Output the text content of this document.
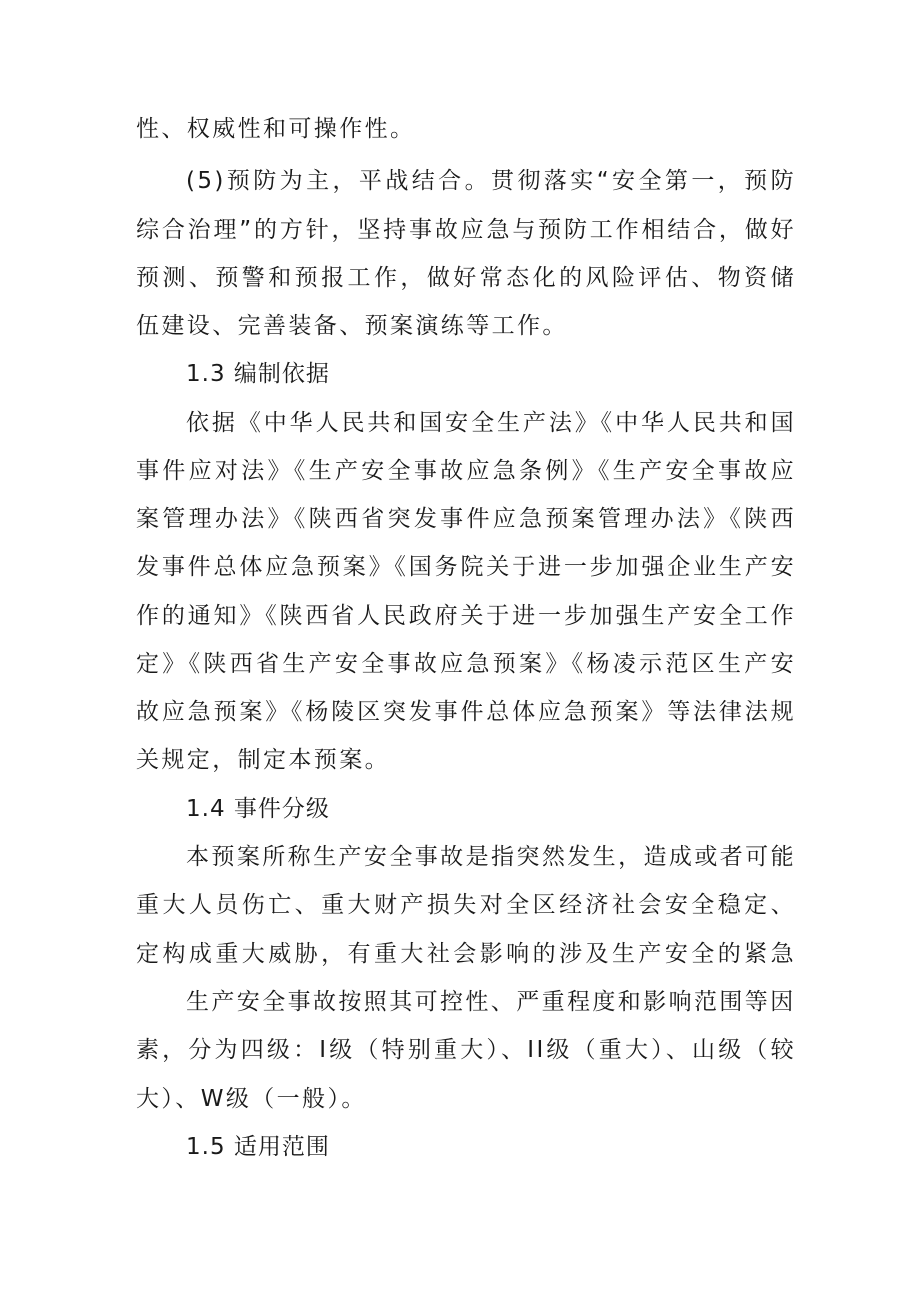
性、权威性和可操作性。
(5)预防为主，平战结合。贯彻落实“安全第一，预防
综合治理”的方针，坚持事故应急与预防工作相结合，做好
预测、预警和预报工作，做好常态化的风险评估、物资储
伍建设、完善装备、预案演练等工作。
1.3 编制依据
依据《中华人民共和国安全生产法》《中华人民共和国
事件应对法》《生产安全事故应急条例》《生产安全事故应
案管理办法》《陕西省突发事件应急预案管理办法》《陕西
发事件总体应急预案》《国务院关于进一步加强企业生产安
作的通知》《陕西省人民政府关于进一步加强生产安全工作
定》《陕西省生产安全事故应急预案》《杨凌示范区生产安
故应急预案》《杨陵区突发事件总体应急预案》等法律法规
关规定，制定本预案。
1.4 事件分级
本预案所称生产安全事故是指突然发生，造成或者可能
重大人员伤亡、重大财产损失对全区经济社会安全稳定、
定构成重大威胁，有重大社会影响的涉及生产安全的紧急
生产安全事故按照其可控性、严重程度和影响范围等因
素，分为四级：I级（特别重大）、II级（重大）、山级（较
大）、W级（一般）。
1.5 适用范围
